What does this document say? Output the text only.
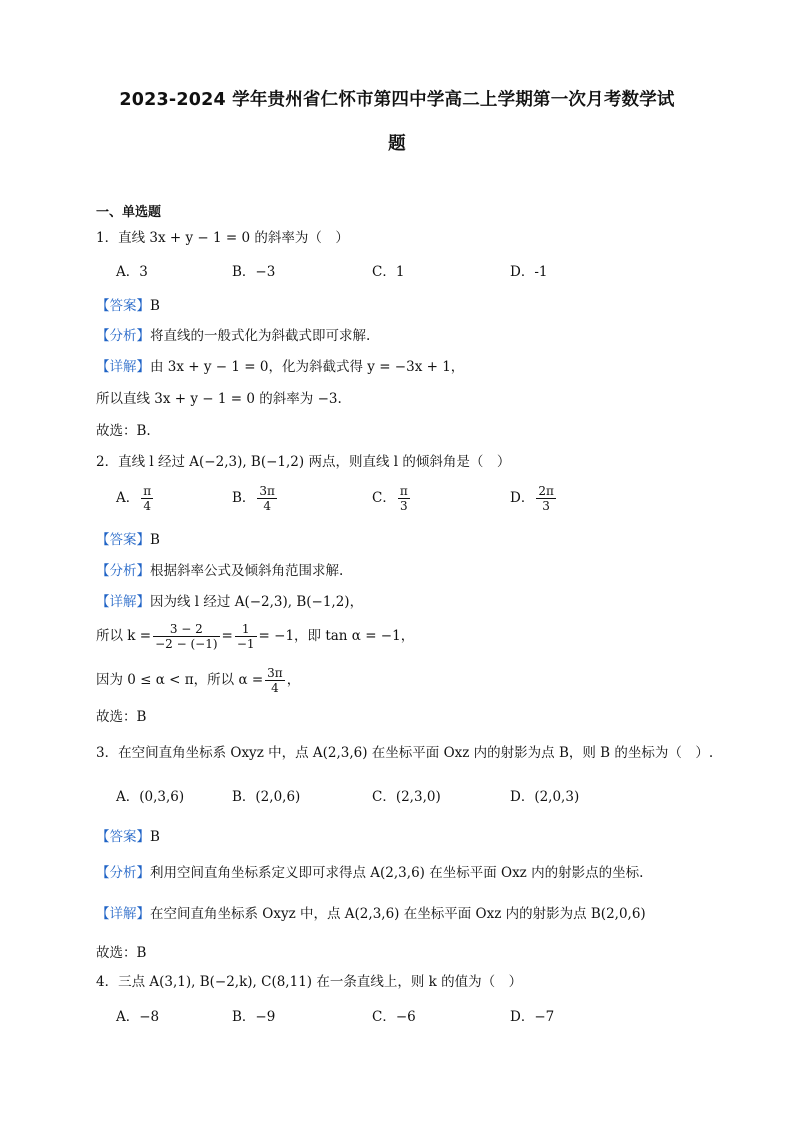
2023-2024 学年贵州省仁怀市第四中学高二上学期第一次月考数学试
题
一、单选题
1．直线 3x + y − 1 = 0 的斜率为（　）
A．3	B．−3	C．1	D．-1
【答案】B
【分析】将直线的一般式化为斜截式即可求解.
【详解】由 3x + y − 1 = 0，化为斜截式得 y = −3x + 1，
所以直线 3x + y − 1 = 0 的斜率为 −3.
故选：B.
2．直线 l 经过 A(−2,3), B(−1,2) 两点，则直线 l 的倾斜角是（　）
A． $\frac{\pi}{4}$	B． $\frac{3\pi}{4}$	C． $\frac{\pi}{3}$	D． $\frac{2\pi}{3}$
【答案】B
【分析】根据斜率公式及倾斜角范围求解.
【详解】因为线 l 经过 A(−2,3), B(−1,2)，
所以 $k = \frac{3 - 2}{-2 - (-1)} = \frac{1}{-1} = -1$，即 tan α = −1，
因为 0 ≤ α < π，所以 $\alpha = \frac{3\pi}{4}$ ，
故选：B
3．在空间直角坐标系 Oxyz 中，点 A(2,3,6) 在坐标平面 Oxz 内的射影为点 B，则 B 的坐标为（　）.
A．(0,3,6)	B．(2,0,6)	C．(2,3,0)	D．(2,0,3)
【答案】B
【分析】利用空间直角坐标系定义即可求得点 A(2,3,6) 在坐标平面 Oxz 内的射影点的坐标.
【详解】在空间直角坐标系 Oxyz 中，点 A(2,3,6) 在坐标平面 Oxz 内的射影为点 B(2,0,6)
故选：B
4．三点 A(3,1), B(−2,k), C(8,11) 在一条直线上，则 k 的值为（　）
A．−8	B．−9	C．−6	D．−7
